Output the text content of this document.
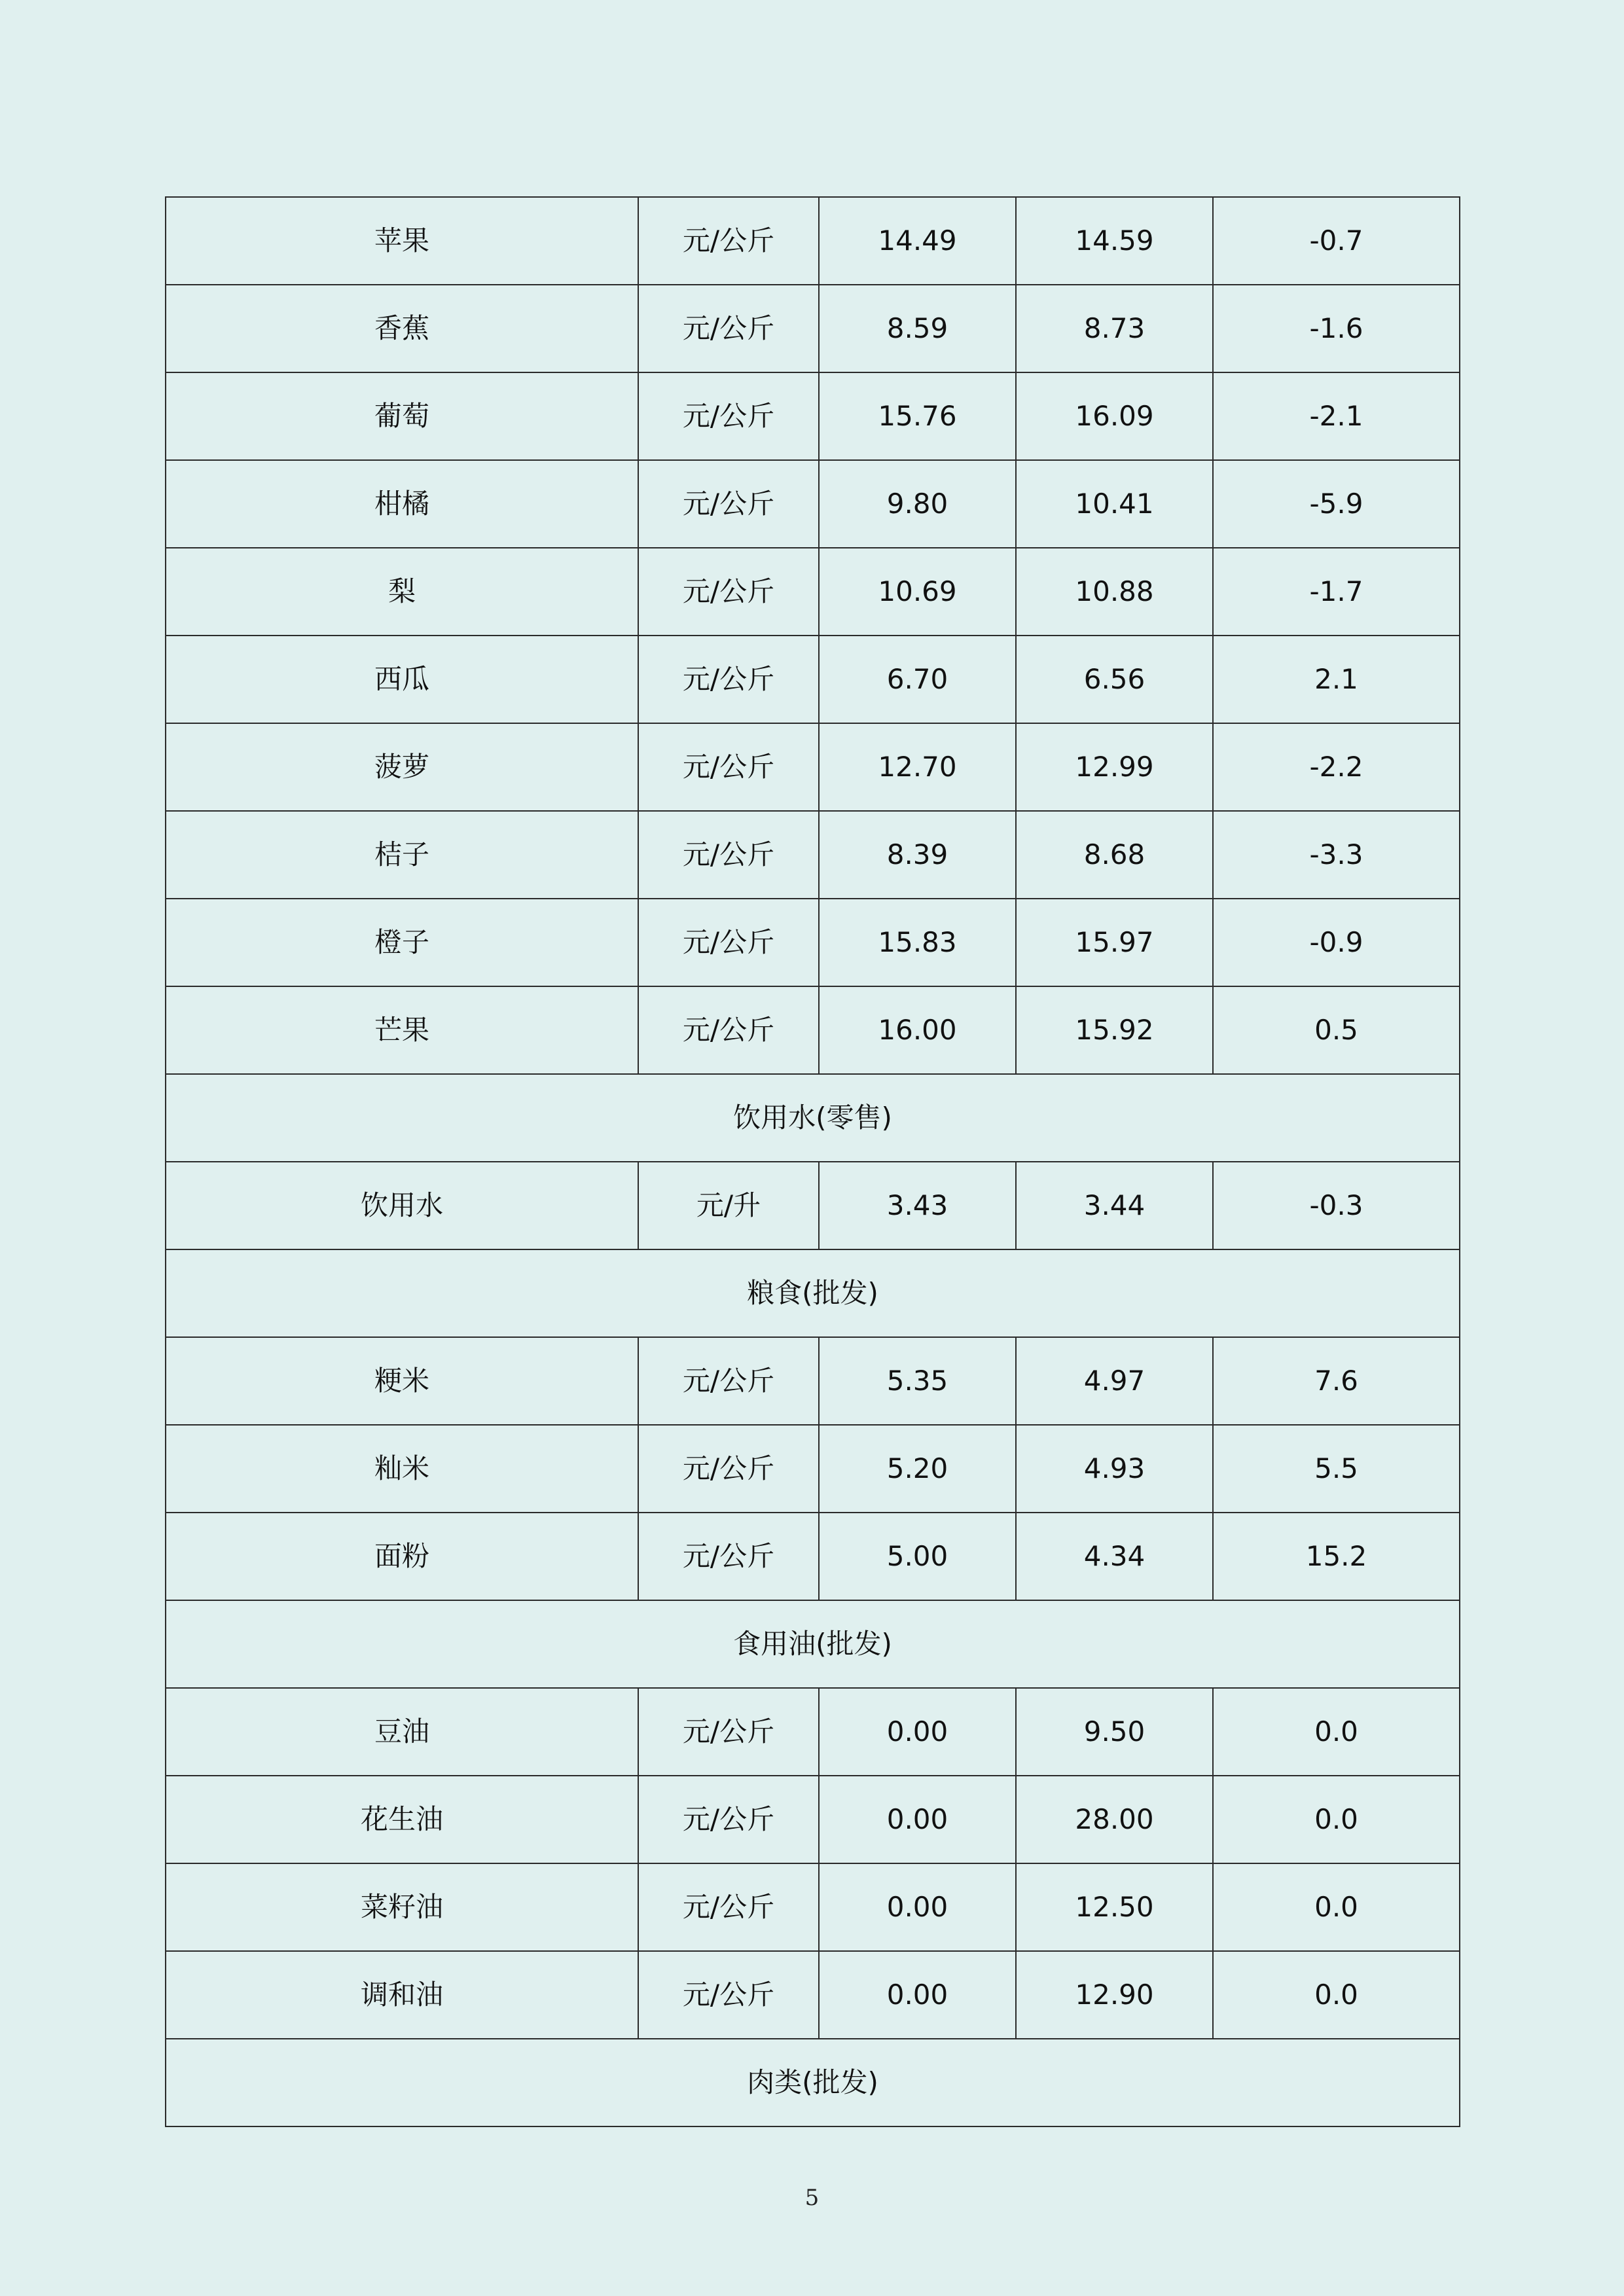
苹果	元/公斤	14.49	14.59	-0.7
香蕉	元/公斤	8.59	8.73	-1.6
葡萄	元/公斤	15.76	16.09	-2.1
柑橘	元/公斤	9.80	10.41	-5.9
梨	元/公斤	10.69	10.88	-1.7
西瓜	元/公斤	6.70	6.56	2.1
菠萝	元/公斤	12.70	12.99	-2.2
桔子	元/公斤	8.39	8.68	-3.3
橙子	元/公斤	15.83	15.97	-0.9
芒果	元/公斤	16.00	15.92	0.5
饮用水(零售)				
饮用水	元/升	3.43	3.44	-0.3
粮食(批发)				
粳米	元/公斤	5.35	4.97	7.6
籼米	元/公斤	5.20	4.93	5.5
面粉	元/公斤	5.00	4.34	15.2
食用油(批发)				
豆油	元/公斤	0.00	9.50	0.0
花生油	元/公斤	0.00	28.00	0.0
菜籽油	元/公斤	0.00	12.50	0.0
调和油	元/公斤	0.00	12.90	0.0
肉类(批发)				
5
